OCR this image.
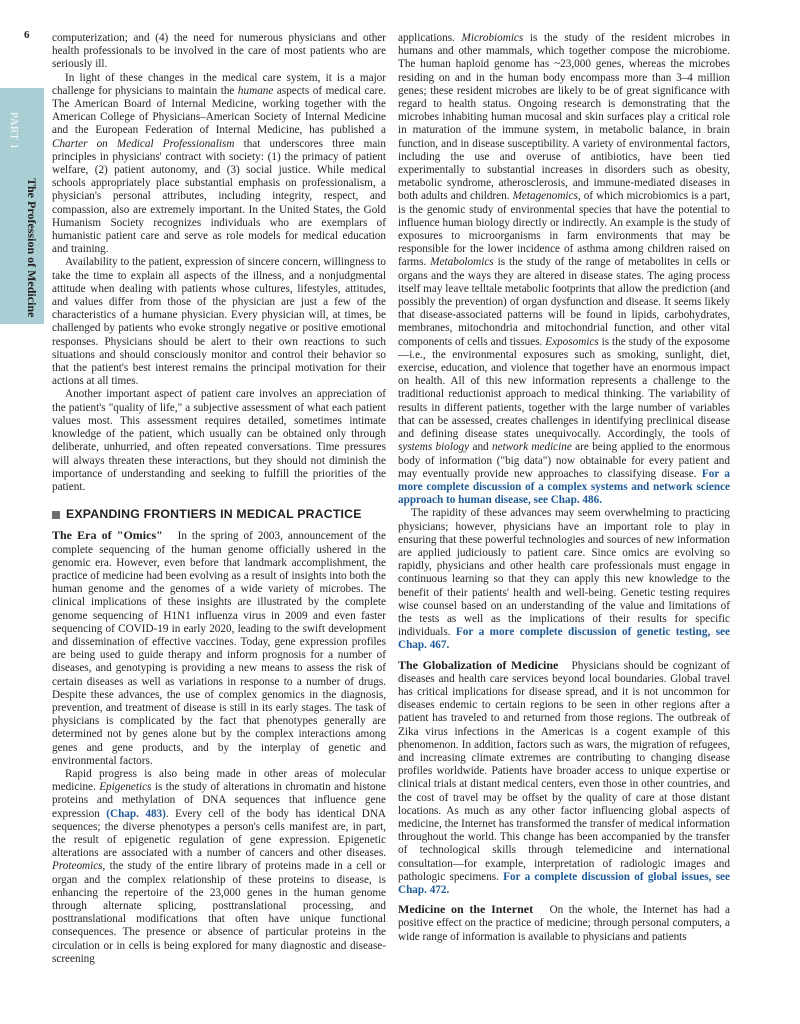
6
PART 1
The Profession of Medicine

computerization; and (4) the need for numerous physicians and other health professionals to be involved in the care of most patients who are seriously ill.

In light of these changes in the medical care system, it is a major challenge for physicians to maintain the humane aspects of medical care. The American Board of Internal Medicine, working together with the American College of Physicians–American Society of Internal Medicine and the European Federation of Internal Medicine, has published a Charter on Medical Professionalism that underscores three main principles in physicians' contract with society: (1) the primacy of patient welfare, (2) patient autonomy, and (3) social justice. While medical schools appropriately place substantial emphasis on professionalism, a physician's personal attributes, including integrity, respect, and compassion, also are extremely important. In the United States, the Gold Humanism Society recognizes individuals who are exemplars of humanistic patient care and serve as role models for medical education and training.

Availability to the patient, expression of sincere concern, willingness to take the time to explain all aspects of the illness, and a nonjudgmental attitude when dealing with patients whose cultures, lifestyles, attitudes, and values differ from those of the physician are just a few of the characteristics of a humane physician. Every physician will, at times, be challenged by patients who evoke strongly negative or positive emotional responses. Physicians should be alert to their own reactions to such situations and should consciously monitor and control their behavior so that the patient's best interest remains the principal motivation for their actions at all times.

Another important aspect of patient care involves an appreciation of the patient's "quality of life," a subjective assessment of what each patient values most. This assessment requires detailed, sometimes intimate knowledge of the patient, which usually can be obtained only through deliberate, unhurried, and often repeated conversations. Time pressures will always threaten these interactions, but they should not diminish the importance of understanding and seeking to fulfill the priorities of the patient.

EXPANDING FRONTIERS IN MEDICAL PRACTICE

The Era of "Omics" In the spring of 2003, announcement of the complete sequencing of the human genome officially ushered in the genomic era. However, even before that landmark accomplishment, the practice of medicine had been evolving as a result of insights into both the human genome and the genomes of a wide variety of microbes. The clinical implications of these insights are illustrated by the complete genome sequencing of H1N1 influenza virus in 2009 and even faster sequencing of COVID-19 in early 2020, leading to the swift development and dissemination of effective vaccines. Today, gene expression profiles are being used to guide therapy and inform prognosis for a number of diseases, and genotyping is providing a new means to assess the risk of certain diseases as well as variations in response to a number of drugs. Despite these advances, the use of complex genomics in the diagnosis, prevention, and treatment of disease is still in its early stages. The task of physicians is complicated by the fact that phenotypes generally are determined not by genes alone but by the complex interactions among genes and gene products, and by the interplay of genetic and environmental factors.

Rapid progress is also being made in other areas of molecular medicine. Epigenetics is the study of alterations in chromatin and histone proteins and methylation of DNA sequences that influence gene expression (Chap. 483). Every cell of the body has identical DNA sequences; the diverse phenotypes a person's cells manifest are, in part, the result of epigenetic regulation of gene expression. Epigenetic alterations are associated with a number of cancers and other diseases. Proteomics, the study of the entire library of proteins made in a cell or organ and the complex relationship of these proteins to disease, is enhancing the repertoire of the 23,000 genes in the human genome through alternate splicing, posttranslational processing, and posttranslational modifications that often have unique functional consequences. The presence or absence of particular proteins in the circulation or in cells is being explored for many diagnostic and disease-screening

applications. Microbiomics is the study of the resident microbes in humans and other mammals, which together compose the microbiome. The human haploid genome has ~23,000 genes, whereas the microbes residing on and in the human body encompass more than 3–4 million genes; these resident microbes are likely to be of great significance with regard to health status. Ongoing research is demonstrating that the microbes inhabiting human mucosal and skin surfaces play a critical role in maturation of the immune system, in metabolic balance, in brain function, and in disease susceptibility. A variety of environmental factors, including the use and overuse of antibiotics, have been tied experimentally to substantial increases in disorders such as obesity, metabolic syndrome, atherosclerosis, and immune-mediated diseases in both adults and children. Metagenomics, of which microbiomics is a part, is the genomic study of environmental species that have the potential to influence human biology directly or indirectly. An example is the study of exposures to microorganisms in farm environments that may be responsible for the lower incidence of asthma among children raised on farms. Metabolomics is the study of the range of metabolites in cells or organs and the ways they are altered in disease states. The aging process itself may leave telltale metabolic footprints that allow the prediction (and possibly the prevention) of organ dysfunction and disease. It seems likely that disease-associated patterns will be found in lipids, carbohydrates, membranes, mitochondria and mitochondrial function, and other vital components of cells and tissues. Exposomics is the study of the exposome—i.e., the environmental exposures such as smoking, sunlight, diet, exercise, education, and violence that together have an enormous impact on health. All of this new information represents a challenge to the traditional reductionist approach to medical thinking. The variability of results in different patients, together with the large number of variables that can be assessed, creates challenges in identifying preclinical disease and defining disease states unequivocally. Accordingly, the tools of systems biology and network medicine are being applied to the enormous body of information ("big data") now obtainable for every patient and may eventually provide new approaches to classifying disease. For a more complete discussion of a complex systems and network science approach to human disease, see Chap. 486.

The rapidity of these advances may seem overwhelming to practicing physicians; however, physicians have an important role to play in ensuring that these powerful technologies and sources of new information are applied judiciously to patient care. Since omics are evolving so rapidly, physicians and other health care professionals must engage in continuous learning so that they can apply this new knowledge to the benefit of their patients' health and well-being. Genetic testing requires wise counsel based on an understanding of the value and limitations of the tests as well as the implications of their results for specific individuals. For a more complete discussion of genetic testing, see Chap. 467.

The Globalization of Medicine Physicians should be cognizant of diseases and health care services beyond local boundaries. Global travel has critical implications for disease spread, and it is not uncommon for diseases endemic to certain regions to be seen in other regions after a patient has traveled to and returned from those regions. The outbreak of Zika virus infections in the Americas is a cogent example of this phenomenon. In addition, factors such as wars, the migration of refugees, and increasing climate extremes are contributing to changing disease profiles worldwide. Patients have broader access to unique expertise or clinical trials at distant medical centers, even those in other countries, and the cost of travel may be offset by the quality of care at those distant locations. As much as any other factor influencing global aspects of medicine, the Internet has transformed the transfer of medical information throughout the world. This change has been accompanied by the transfer of technological skills through telemedicine and international consultation—for example, interpretation of radiologic images and pathologic specimens. For a complete discussion of global issues, see Chap. 472.

Medicine on the Internet On the whole, the Internet has had a positive effect on the practice of medicine; through personal computers, a wide range of information is available to physicians and patients
